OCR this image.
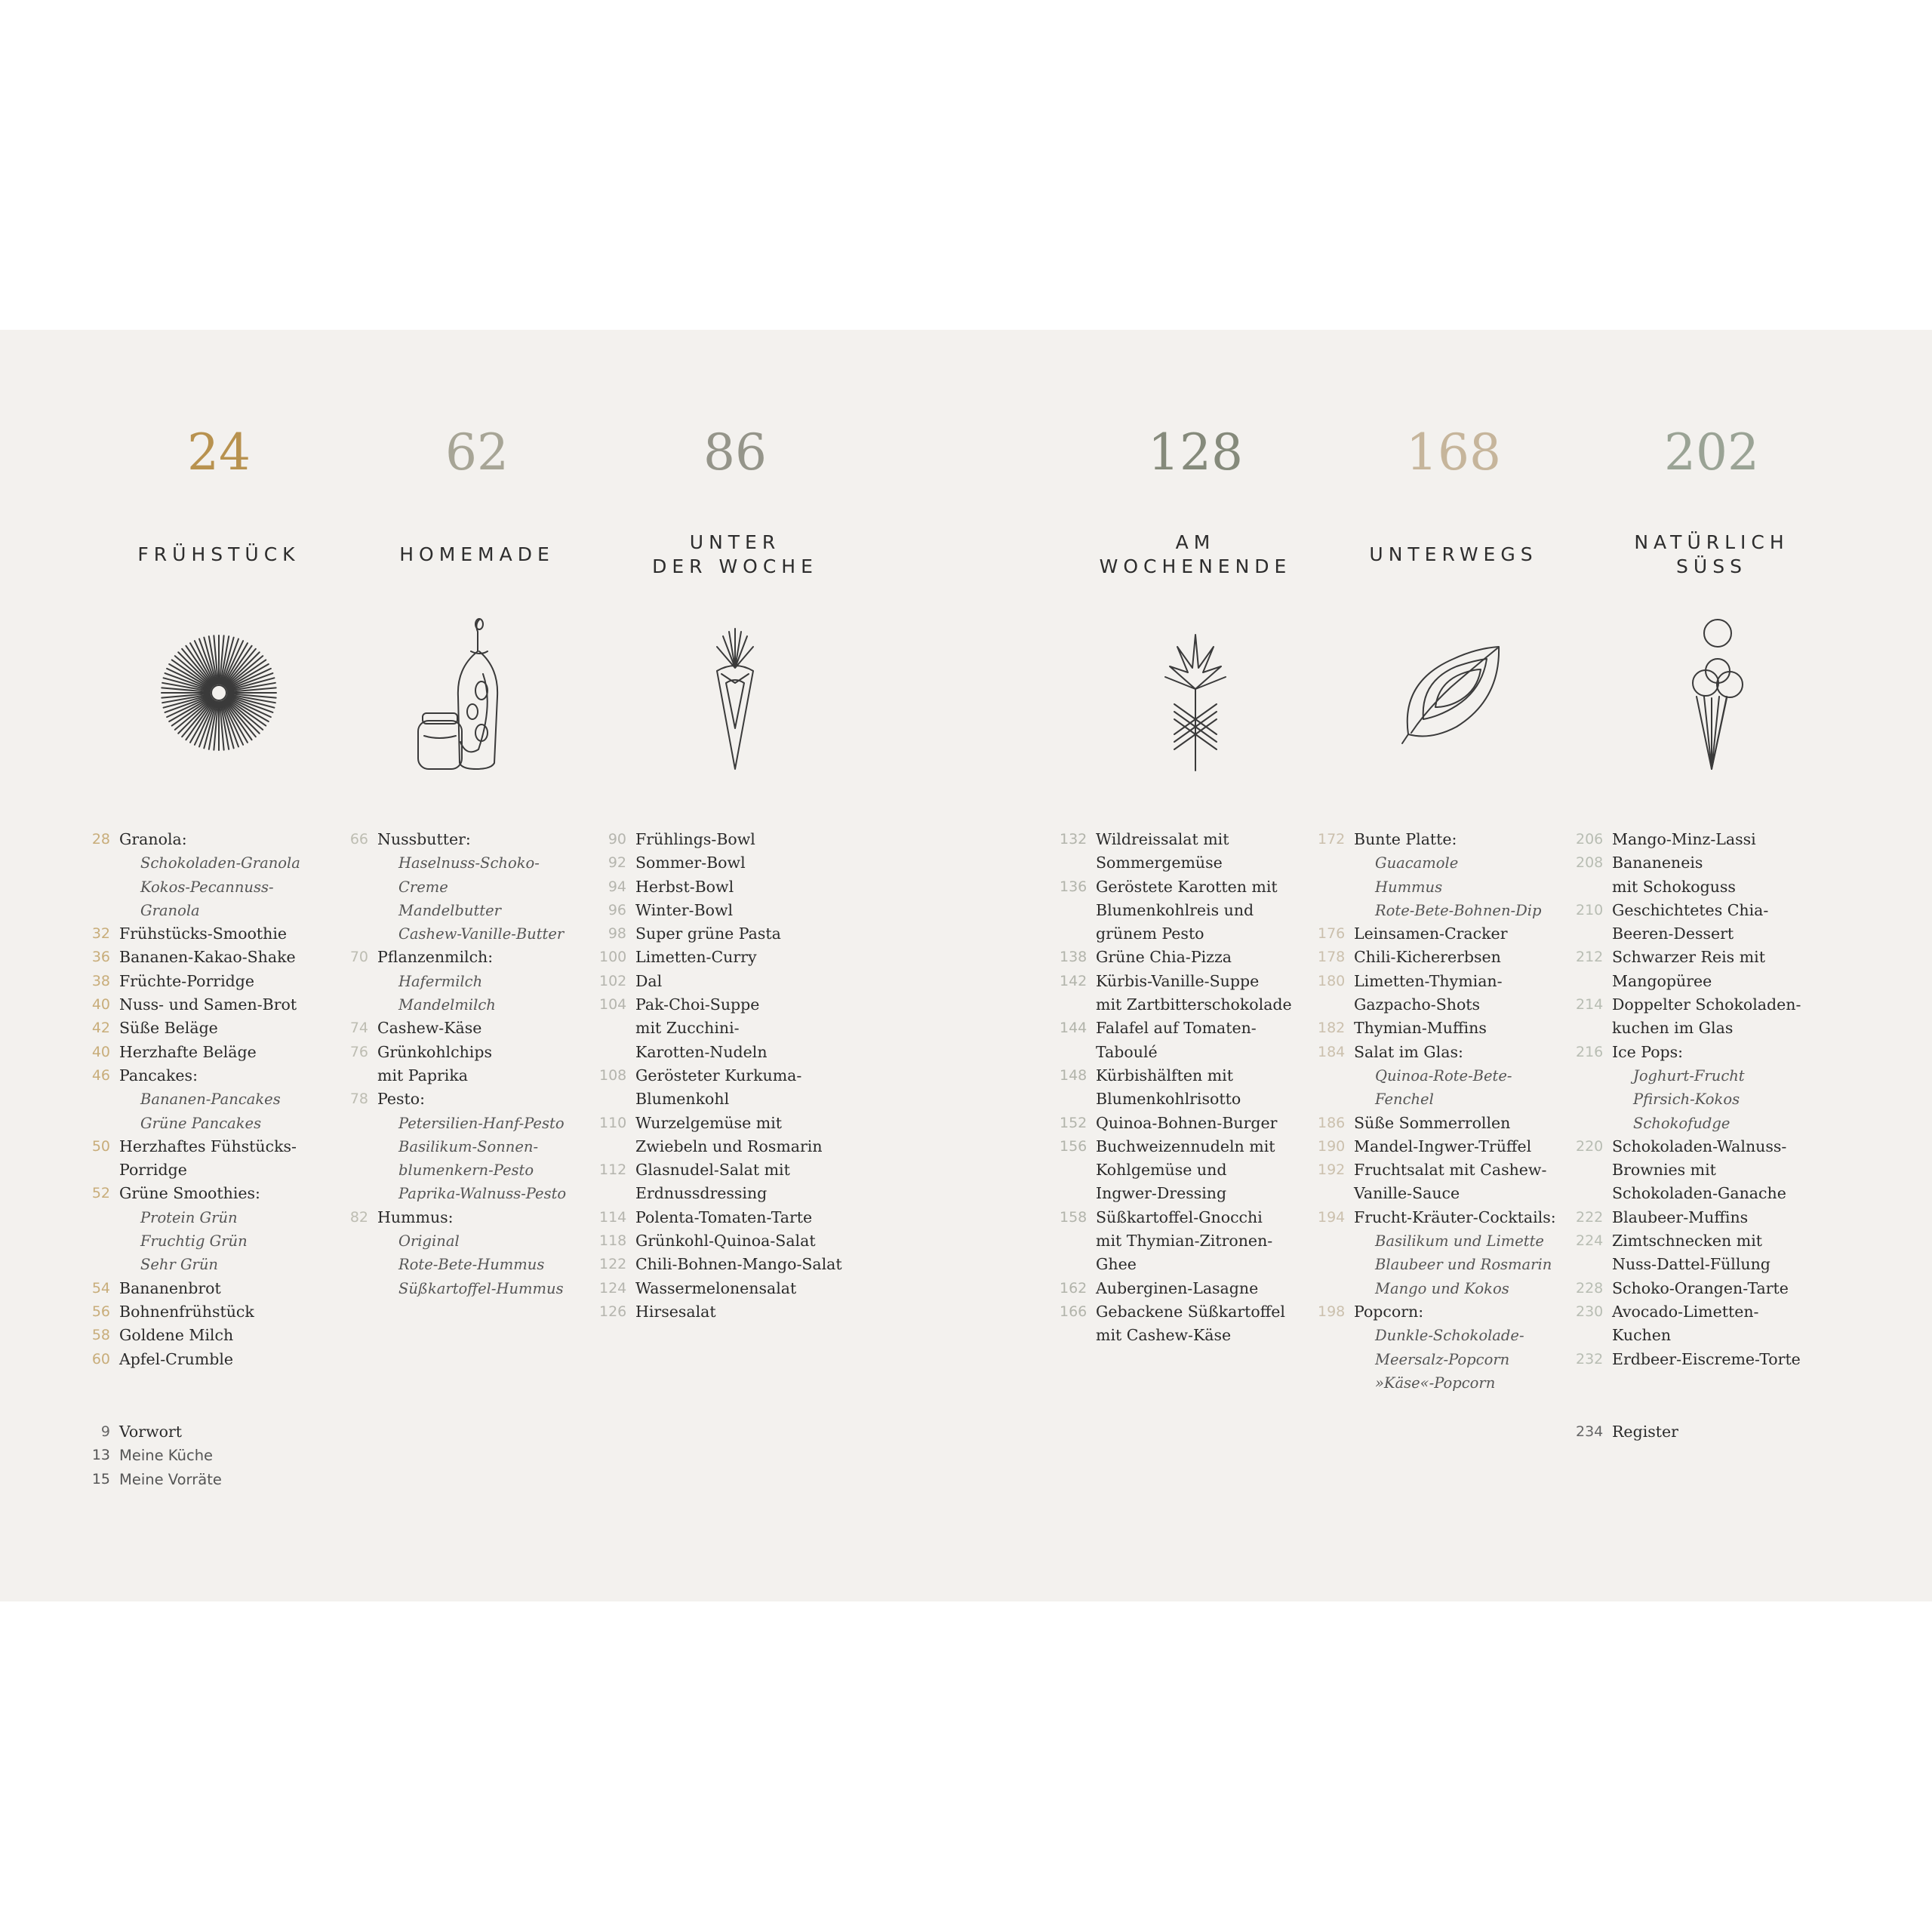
24
FRÜHSTÜCK
28 Granola:
Schokoladen-Granola
Kokos-Pecannuss-
Granola
32 Frühstücks-Smoothie
36 Bananen-Kakao-Shake
38 Früchte-Porridge
40 Nuss- und Samen-Brot
42 Süße Beläge
40 Herzhafte Beläge
46 Pancakes:
Bananen-Pancakes
Grüne Pancakes
50 Herzhaftes Fühstücks-
Porridge
52 Grüne Smoothies:
Protein Grün
Fruchtig Grün
Sehr Grün
54 Bananenbrot
56 Bohnenfrühstück
58 Goldene Milch
60 Apfel-Crumble
9 Vorwort
13 Meine Küche
15 Meine Vorräte
62
HOMEMADE
66 Nussbutter:
Haselnuss-Schoko-
Creme
Mandelbutter
Cashew-Vanille-Butter
70 Pflanzenmilch:
Hafermilch
Mandelmilch
74 Cashew-Käse
76 Grünkohlchips
mit Paprika
78 Pesto:
Petersilien-Hanf-Pesto
Basilikum-Sonnen-
blumenkern-Pesto
Paprika-Walnuss-Pesto
82 Hummus:
Original
Rote-Bete-Hummus
Süßkartoffel-Hummus
86
UNTER
DER WOCHE
90 Frühlings-Bowl
92 Sommer-Bowl
94 Herbst-Bowl
96 Winter-Bowl
98 Super grüne Pasta
100 Limetten-Curry
102 Dal
104 Pak-Choi-Suppe
mit Zucchini-
Karotten-Nudeln
108 Gerösteter Kurkuma-
Blumenkohl
110 Wurzelgemüse mit
Zwiebeln und Rosmarin
112 Glasnudel-Salat mit
Erdnussdressing
114 Polenta-Tomaten-Tarte
118 Grünkohl-Quinoa-Salat
122 Chili-Bohnen-Mango-Salat
124 Wassermelonensalat
126 Hirsesalat
128
AM
WOCHENENDE
132 Wildreissalat mit
Sommergemüse
136 Geröstete Karotten mit
Blumenkohlreis und
grünem Pesto
138 Grüne Chia-Pizza
142 Kürbis-Vanille-Suppe
mit Zartbitterschokolade
144 Falafel auf Tomaten-
Taboulé
148 Kürbishälften mit
Blumenkohlrisotto
152 Quinoa-Bohnen-Burger
156 Buchweizennudeln mit
Kohlgemüse und
Ingwer-Dressing
158 Süßkartoffel-Gnocchi
mit Thymian-Zitronen-
Ghee
162 Auberginen-Lasagne
166 Gebackene Süßkartoffel
mit Cashew-Käse
168
UNTERWEGS
172 Bunte Platte:
Guacamole
Hummus
Rote-Bete-Bohnen-Dip
176 Leinsamen-Cracker
178 Chili-Kichererbsen
180 Limetten-Thymian-
Gazpacho-Shots
182 Thymian-Muffins
184 Salat im Glas:
Quinoa-Rote-Bete-
Fenchel
186 Süße Sommerrollen
190 Mandel-Ingwer-Trüffel
192 Fruchtsalat mit Cashew-
Vanille-Sauce
194 Frucht-Kräuter-Cocktails:
Basilikum und Limette
Blaubeer und Rosmarin
Mango und Kokos
198 Popcorn:
Dunkle-Schokolade-
Meersalz-Popcorn
»Käse«-Popcorn
202
NATÜRLICH
SÜSS
206 Mango-Minz-Lassi
208 Bananeneis
mit Schokoguss
210 Geschichtetes Chia-
Beeren-Dessert
212 Schwarzer Reis mit
Mangopüree
214 Doppelter Schokoladen-
kuchen im Glas
216 Ice Pops:
Joghurt-Frucht
Pfirsich-Kokos
Schokofudge
220 Schokoladen-Walnuss-
Brownies mit
Schokoladen-Ganache
222 Blaubeer-Muffins
224 Zimtschnecken mit
Nuss-Dattel-Füllung
228 Schoko-Orangen-Tarte
230 Avocado-Limetten-
Kuchen
232 Erdbeer-Eiscreme-Torte
234 Register
